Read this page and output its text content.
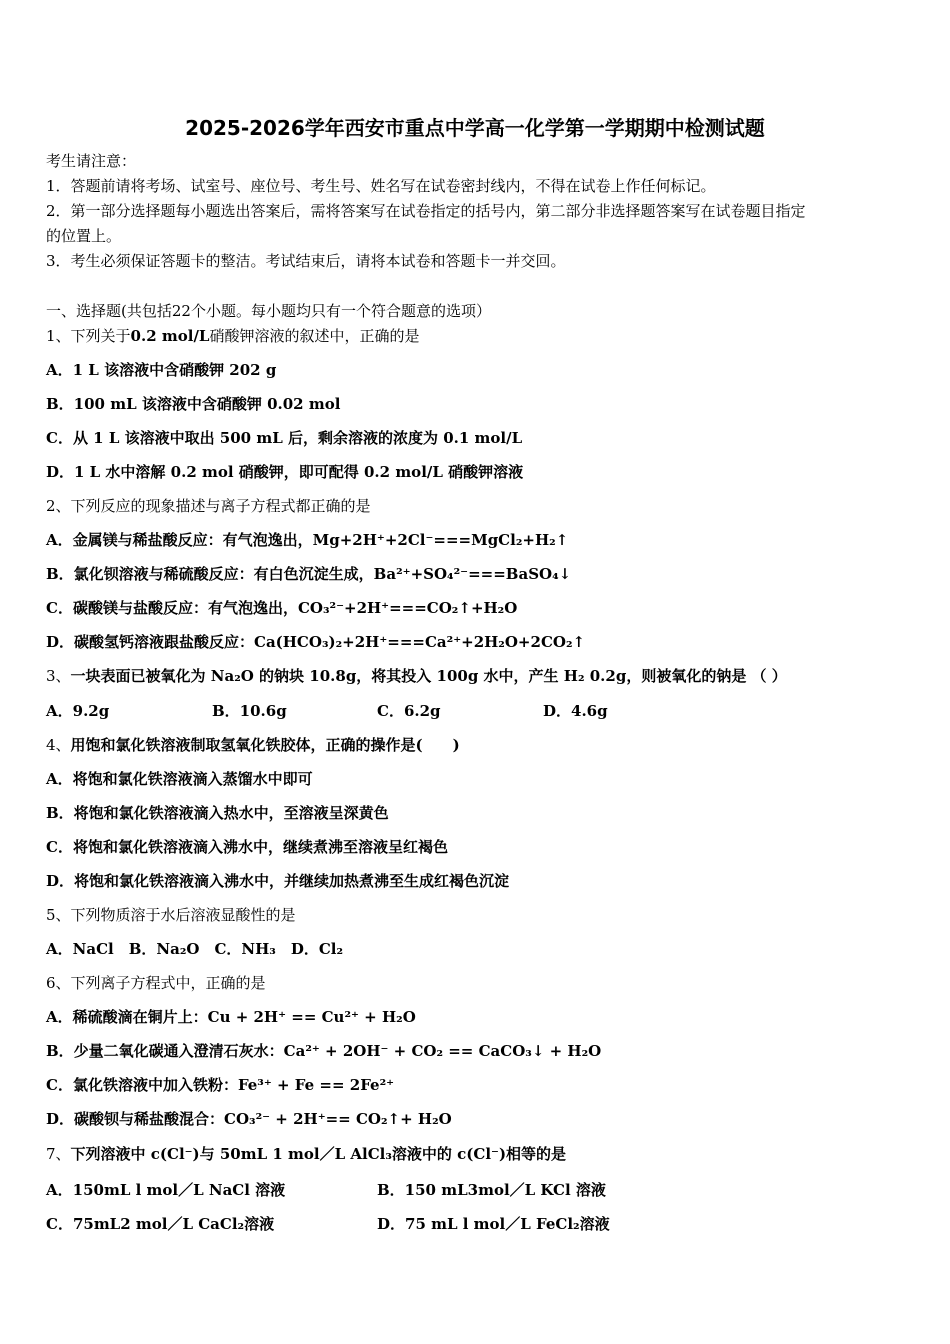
2025-2026学年西安市重点中学高一化学第一学期期中检测试题
考生请注意：
1．答题前请将考场、试室号、座位号、考生号、姓名写在试卷密封线内，不得在试卷上作任何标记。
2．第一部分选择题每小题选出答案后，需将答案写在试卷指定的括号内，第二部分非选择题答案写在试卷题目指定
的位置上。
3．考生必须保证答题卡的整洁。考试结束后，请将本试卷和答题卡一并交回。
一、选择题(共包括22个小题。每小题均只有一个符合题意的选项）
1、下列关于0.2 mol/L硝酸钾溶液的叙述中，正确的是
A．1 L 该溶液中含硝酸钾 202 g
B．100 mL 该溶液中含硝酸钾 0.02 mol
C．从 1 L 该溶液中取出 500 mL 后，剩余溶液的浓度为 0.1 mol/L
D．1 L 水中溶解 0.2 mol 硝酸钾，即可配得 0.2 mol/L 硝酸钾溶液
2、下列反应的现象描述与离子方程式都正确的是
A．金属镁与稀盐酸反应：有气泡逸出，Mg+2H⁺+2Cl⁻===MgCl₂+H₂↑
B．氯化钡溶液与稀硫酸反应：有白色沉淀生成，Ba²⁺+SO₄²⁻===BaSO₄↓
C．碳酸镁与盐酸反应：有气泡逸出，CO₃²⁻+2H⁺===CO₂↑+H₂O
D．碳酸氢钙溶液跟盐酸反应：Ca(HCO₃)₂+2H⁺===Ca²⁺+2H₂O+2CO₂↑
3、一块表面已被氧化为 Na₂O 的钠块 10.8g，将其投入 100g 水中，产生 H₂ 0.2g，则被氧化的钠是 （ ）
A．9.2g	B．10.6g	C．6.2g	D．4.6g
4、用饱和氯化铁溶液制取氢氧化铁胶体，正确的操作是(　　)
A．将饱和氯化铁溶液滴入蒸馏水中即可
B．将饱和氯化铁溶液滴入热水中，至溶液呈深黄色
C．将饱和氯化铁溶液滴入沸水中，继续煮沸至溶液呈红褐色
D．将饱和氯化铁溶液滴入沸水中，并继续加热煮沸至生成红褐色沉淀
5、下列物质溶于水后溶液显酸性的是
A．NaCl　B．Na₂O　C．NH₃　D．Cl₂
6、下列离子方程式中，正确的是
A．稀硫酸滴在铜片上：Cu + 2H⁺ == Cu²⁺ + H₂O
B．少量二氧化碳通入澄清石灰水：Ca²⁺ + 2OH⁻ + CO₂ == CaCO₃↓ + H₂O
C．氯化铁溶液中加入铁粉：Fe³⁺ + Fe == 2Fe²⁺
D．碳酸钡与稀盐酸混合：CO₃²⁻ + 2H⁺== CO₂↑+ H₂O
7、下列溶液中 c(Cl⁻)与 50mL 1 mol／L AlCl₃溶液中的 c(Cl⁻)相等的是
A．150mL l mol／L NaCl 溶液	B．150 mL3mol／L KCl 溶液
C．75mL2 mol／L CaCl₂溶液	D．75 mL l mol／L FeCl₂溶液
